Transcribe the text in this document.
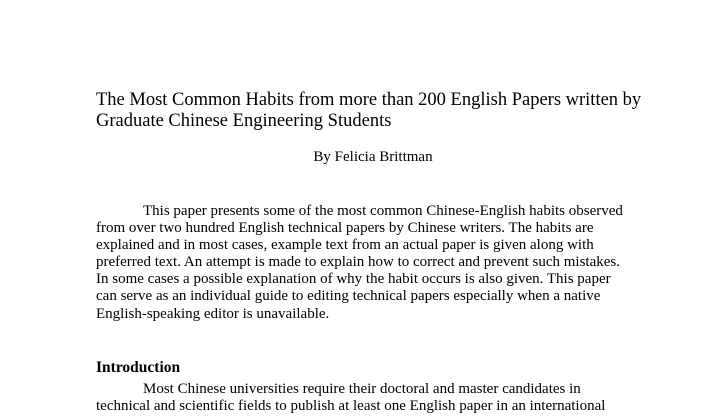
The Most Common Habits from more than 200 English Papers written by
Graduate Chinese Engineering Students
By Felicia Brittman
This paper presents some of the most common Chinese-English habits observed
from over two hundred English technical papers by Chinese writers. The habits are
explained and in most cases, example text from an actual paper is given along with
preferred text. An attempt is made to explain how to correct and prevent such mistakes.
In some cases a possible explanation of why the habit occurs is also given. This paper
can serve as an individual guide to editing technical papers especially when a native
English-speaking editor is unavailable.
Introduction
Most Chinese universities require their doctoral and master candidates in
technical and scientific fields to publish at least one English paper in an international
